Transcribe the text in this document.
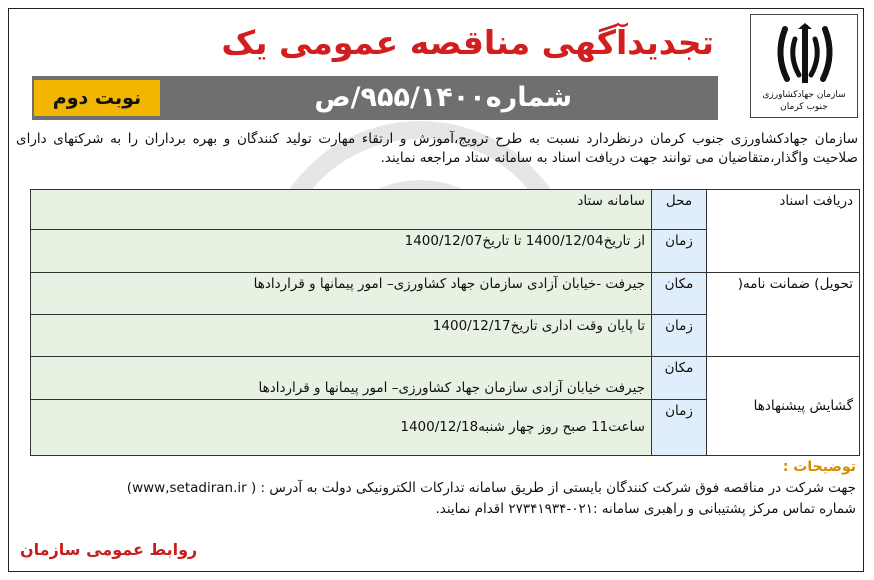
سازمان جهادکشاورزی
جنوب کرمان
تجدیدآگهی مناقصه عمومی یک
شماره۹۵۵/۱۴۰۰/ص
نوبت دوم
سازمان جهادکشاورزی جنوب کرمان درنظردارد نسبت به طرح ترویج،آموزش و ارتقاء مهارت تولید کنندگان و بهره برداران را به شرکتهای دارای صلاحیت واگذار،متقاضیان می توانند جهت دریافت اسناد به سامانه ستاد مراجعه نمایند.
دریافت اسناد	محل	سامانه ستاد
	زمان	از تاریخ1400/12/04 تا تاریخ1400/12/07
تحویل) ضمانت نامه(	مکان	جیرفت -خیابان آزادی سازمان جهاد کشاورزی– امور پیمانها و قراردادها
	زمان	تا پایان وقت اداری تاریخ1400/12/17
گشایش پیشنهادها	مکان	جیرفت خیابان آزادی سازمان جهاد کشاورزی– امور پیمانها و قراردادها
	زمان	ساعت11 صبح روز چهار شنبه1400/12/18
توضیحات :
جهت شرکت در مناقصه فوق شرکت کنندگان بایستی از طریق سامانه تدارکات الکترونیکی دولت به آدرس : ( www,setadiran.ir)
شماره تماس مرکز پشتیبانی و راهبری سامانه :۰۲۱-۲۷۳۴۱۹۳۴ اقدام نمایند.
روابط عمومی سازمان
